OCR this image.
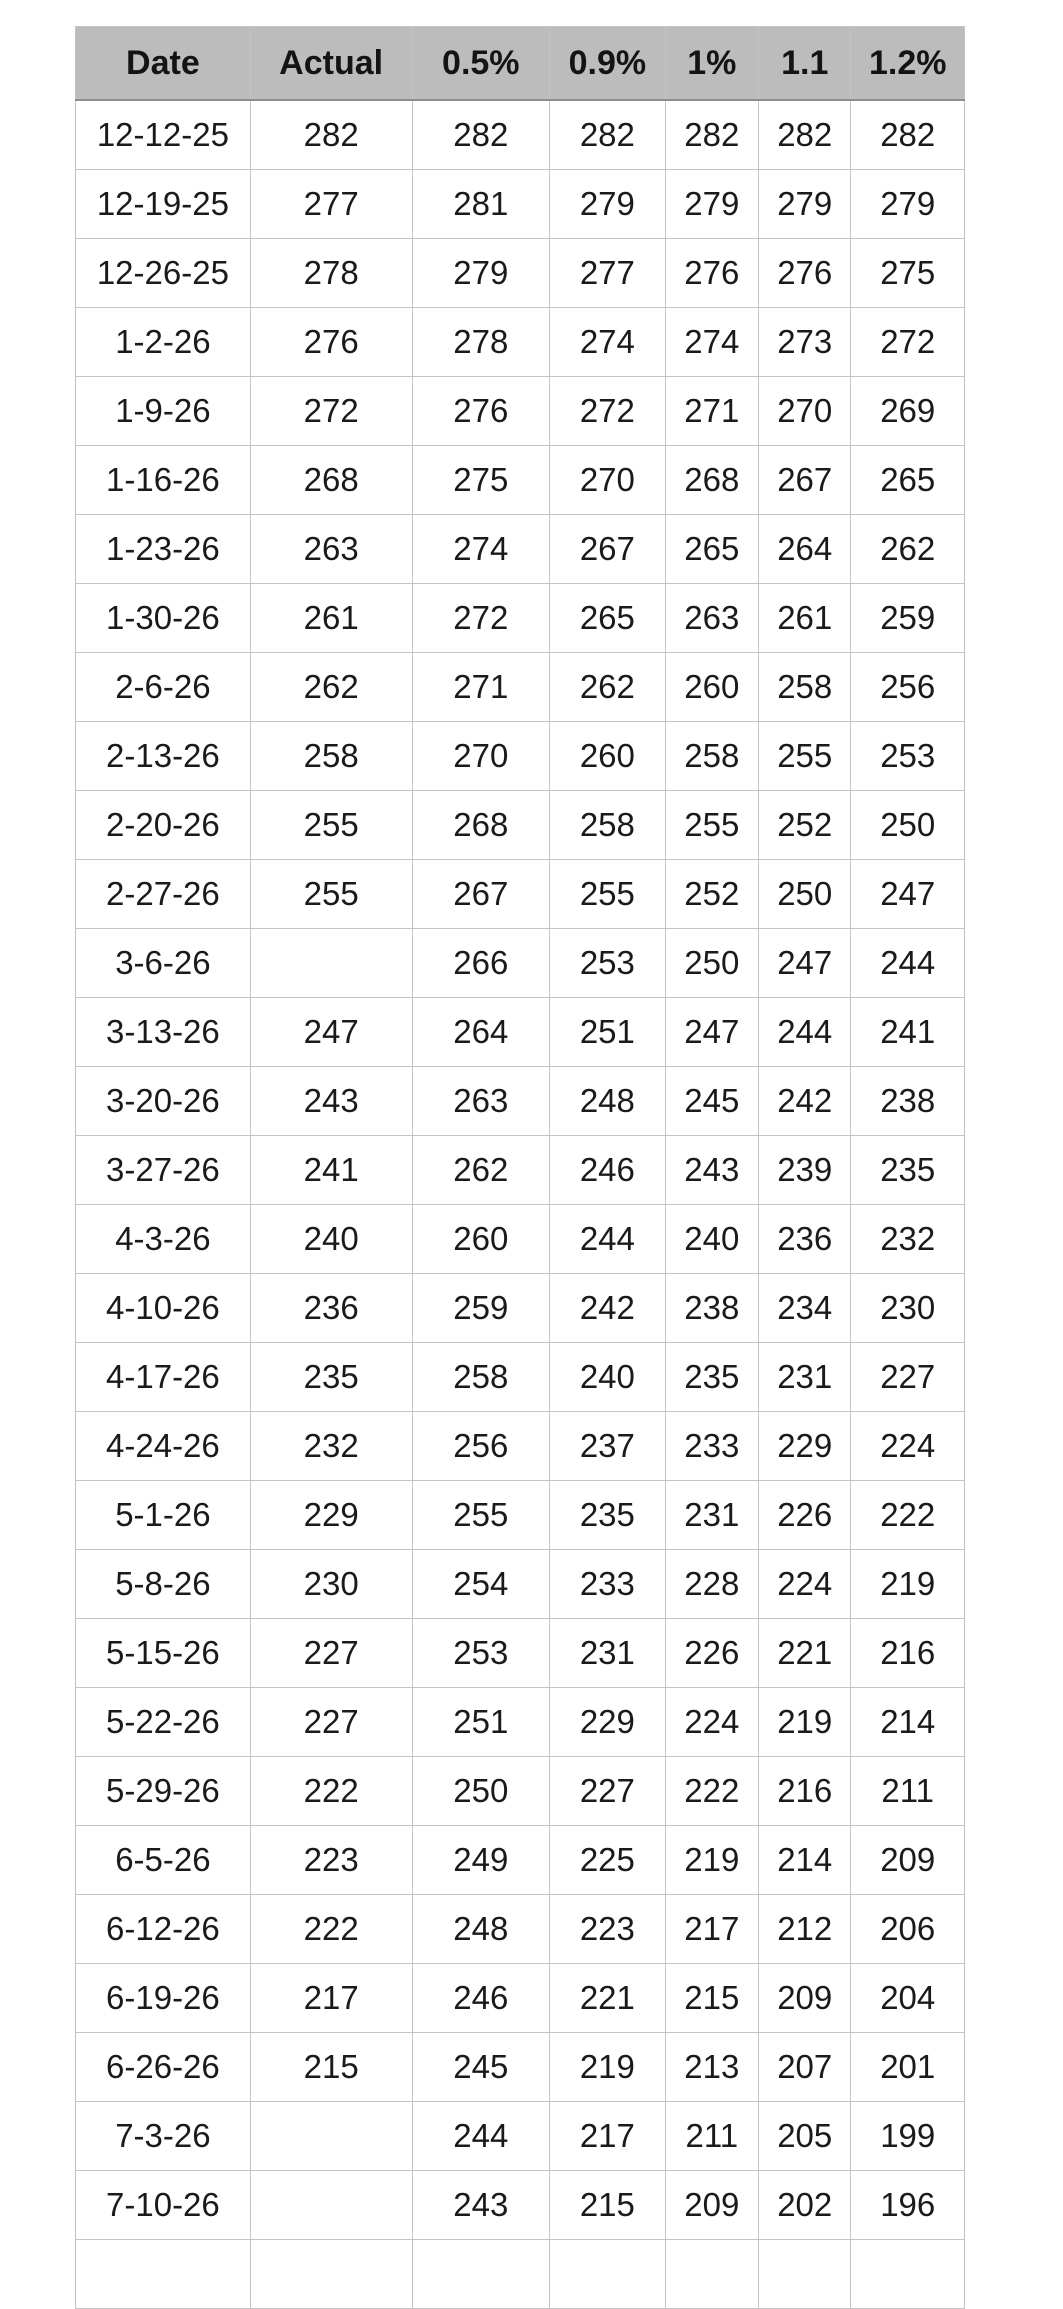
Date	Actual	0.5%	0.9%	1%	1.1	1.2%
12-12-25	282	282	282	282	282	282
12-19-25	277	281	279	279	279	279
12-26-25	278	279	277	276	276	275
1-2-26	276	278	274	274	273	272
1-9-26	272	276	272	271	270	269
1-16-26	268	275	270	268	267	265
1-23-26	263	274	267	265	264	262
1-30-26	261	272	265	263	261	259
2-6-26	262	271	262	260	258	256
2-13-26	258	270	260	258	255	253
2-20-26	255	268	258	255	252	250
2-27-26	255	267	255	252	250	247
3-6-26		266	253	250	247	244
3-13-26	247	264	251	247	244	241
3-20-26	243	263	248	245	242	238
3-27-26	241	262	246	243	239	235
4-3-26	240	260	244	240	236	232
4-10-26	236	259	242	238	234	230
4-17-26	235	258	240	235	231	227
4-24-26	232	256	237	233	229	224
5-1-26	229	255	235	231	226	222
5-8-26	230	254	233	228	224	219
5-15-26	227	253	231	226	221	216
5-22-26	227	251	229	224	219	214
5-29-26	222	250	227	222	216	211
6-5-26	223	249	225	219	214	209
6-12-26	222	248	223	217	212	206
6-19-26	217	246	221	215	209	204
6-26-26	215	245	219	213	207	201
7-3-26		244	217	211	205	199
7-10-26		243	215	209	202	196
